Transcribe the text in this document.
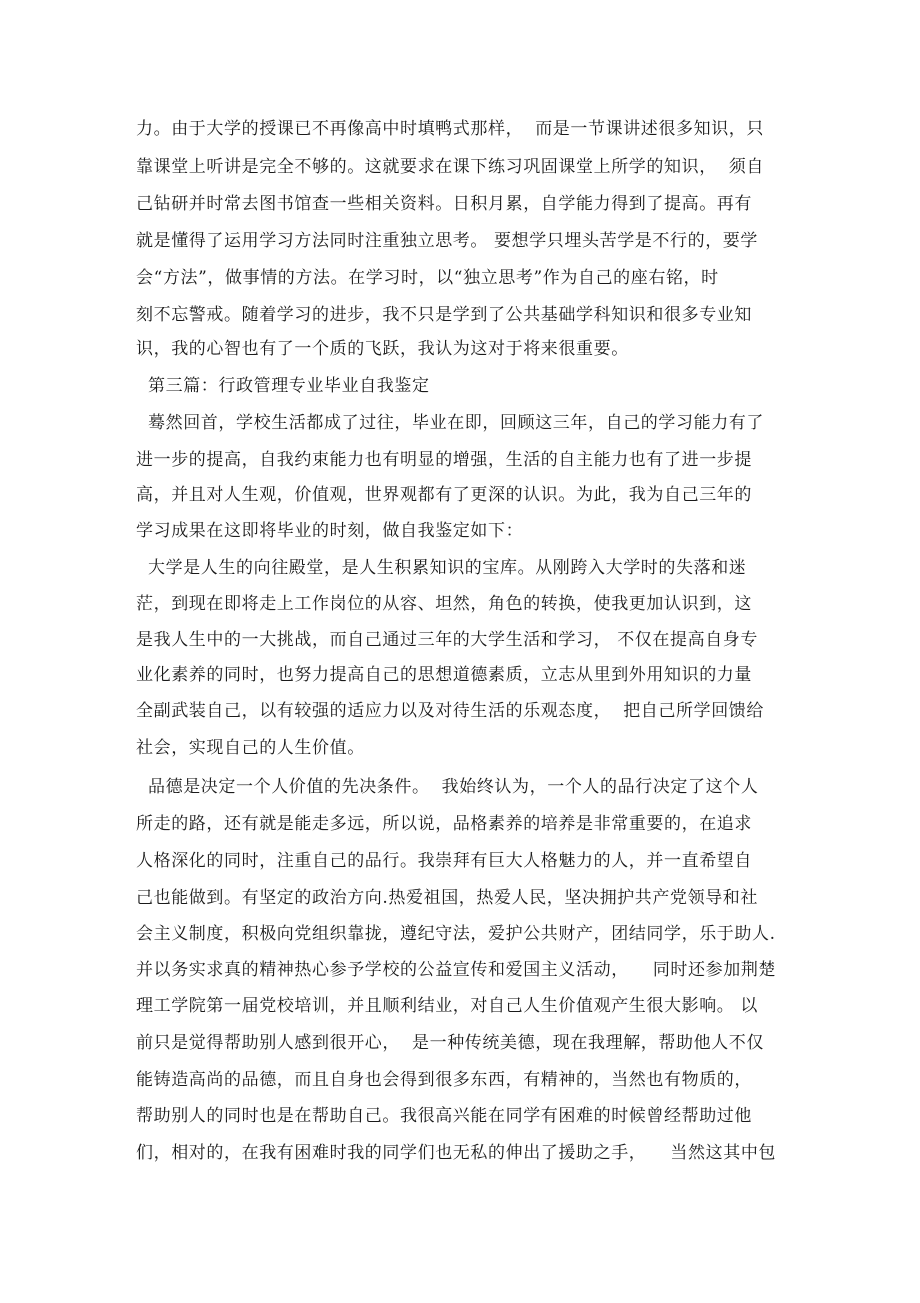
力。由于大学的授课已不再像高中时填鸭式那样，  而是一节课讲述很多知识，只
靠课堂上听讲是完全不够的。这就要求在课下练习巩固课堂上所学的知识，  须自
己钻研并时常去图书馆查一些相关资料。日积月累，自学能力得到了提高。再有
就是懂得了运用学习方法同时注重独立思考。 要想学只埋头苦学是不行的，要学
会“方法”，做事情的方法。在学习时，以“独立思考”作为自己的座右铭，时
刻不忘警戒。随着学习的进步，我不只是学到了公共基础学科知识和很多专业知
识，我的心智也有了一个质的飞跃，我认为这对于将来很重要。
第三篇：行政管理专业毕业自我鉴定
蓦然回首，学校生活都成了过往，毕业在即，回顾这三年，自己的学习能力有了
进一步的提高，自我约束能力也有明显的增强，生活的自主能力也有了进一步提
高，并且对人生观，价值观，世界观都有了更深的认识。为此，我为自己三年的
学习成果在这即将毕业的时刻，做自我鉴定如下：
大学是人生的向往殿堂，是人生积累知识的宝库。从刚跨入大学时的失落和迷
茫，到现在即将走上工作岗位的从容、坦然，角色的转换，使我更加认识到，这
是我人生中的一大挑战，而自己通过三年的大学生活和学习， 不仅在提高自身专
业化素养的同时，也努力提高自己的思想道德素质，立志从里到外用知识的力量
全副武装自己，以有较强的适应力以及对待生活的乐观态度，  把自己所学回馈给
社会，实现自己的人生价值。
品德是决定一个人价值的先决条件。  我始终认为，一个人的品行决定了这个人
所走的路，还有就是能走多远，所以说，品格素养的培养是非常重要的，在追求
人格深化的同时，注重自己的品行。我崇拜有巨大人格魅力的人，并一直希望自
己也能做到。有坚定的政治方向.热爱祖国，热爱人民，坚决拥护共产党领导和社
会主义制度，积极向党组织靠拢，遵纪守法，爱护公共财产，团结同学，乐于助人.
并以务实求真的精神热心参予学校的公益宣传和爱国主义活动，    同时还参加荆楚
理工学院第一届党校培训，并且顺利结业，对自己人生价值观产生很大影响。 以
前只是觉得帮助别人感到很开心，  是一种传统美德，现在我理解，帮助他人不仅
能铸造高尚的品德，而且自身也会得到很多东西，有精神的，当然也有物质的，
帮助别人的同时也是在帮助自己。我很高兴能在同学有困难的时候曾经帮助过他
们，相对的，在我有困难时我的同学们也无私的伸出了援助之手，    当然这其中包
